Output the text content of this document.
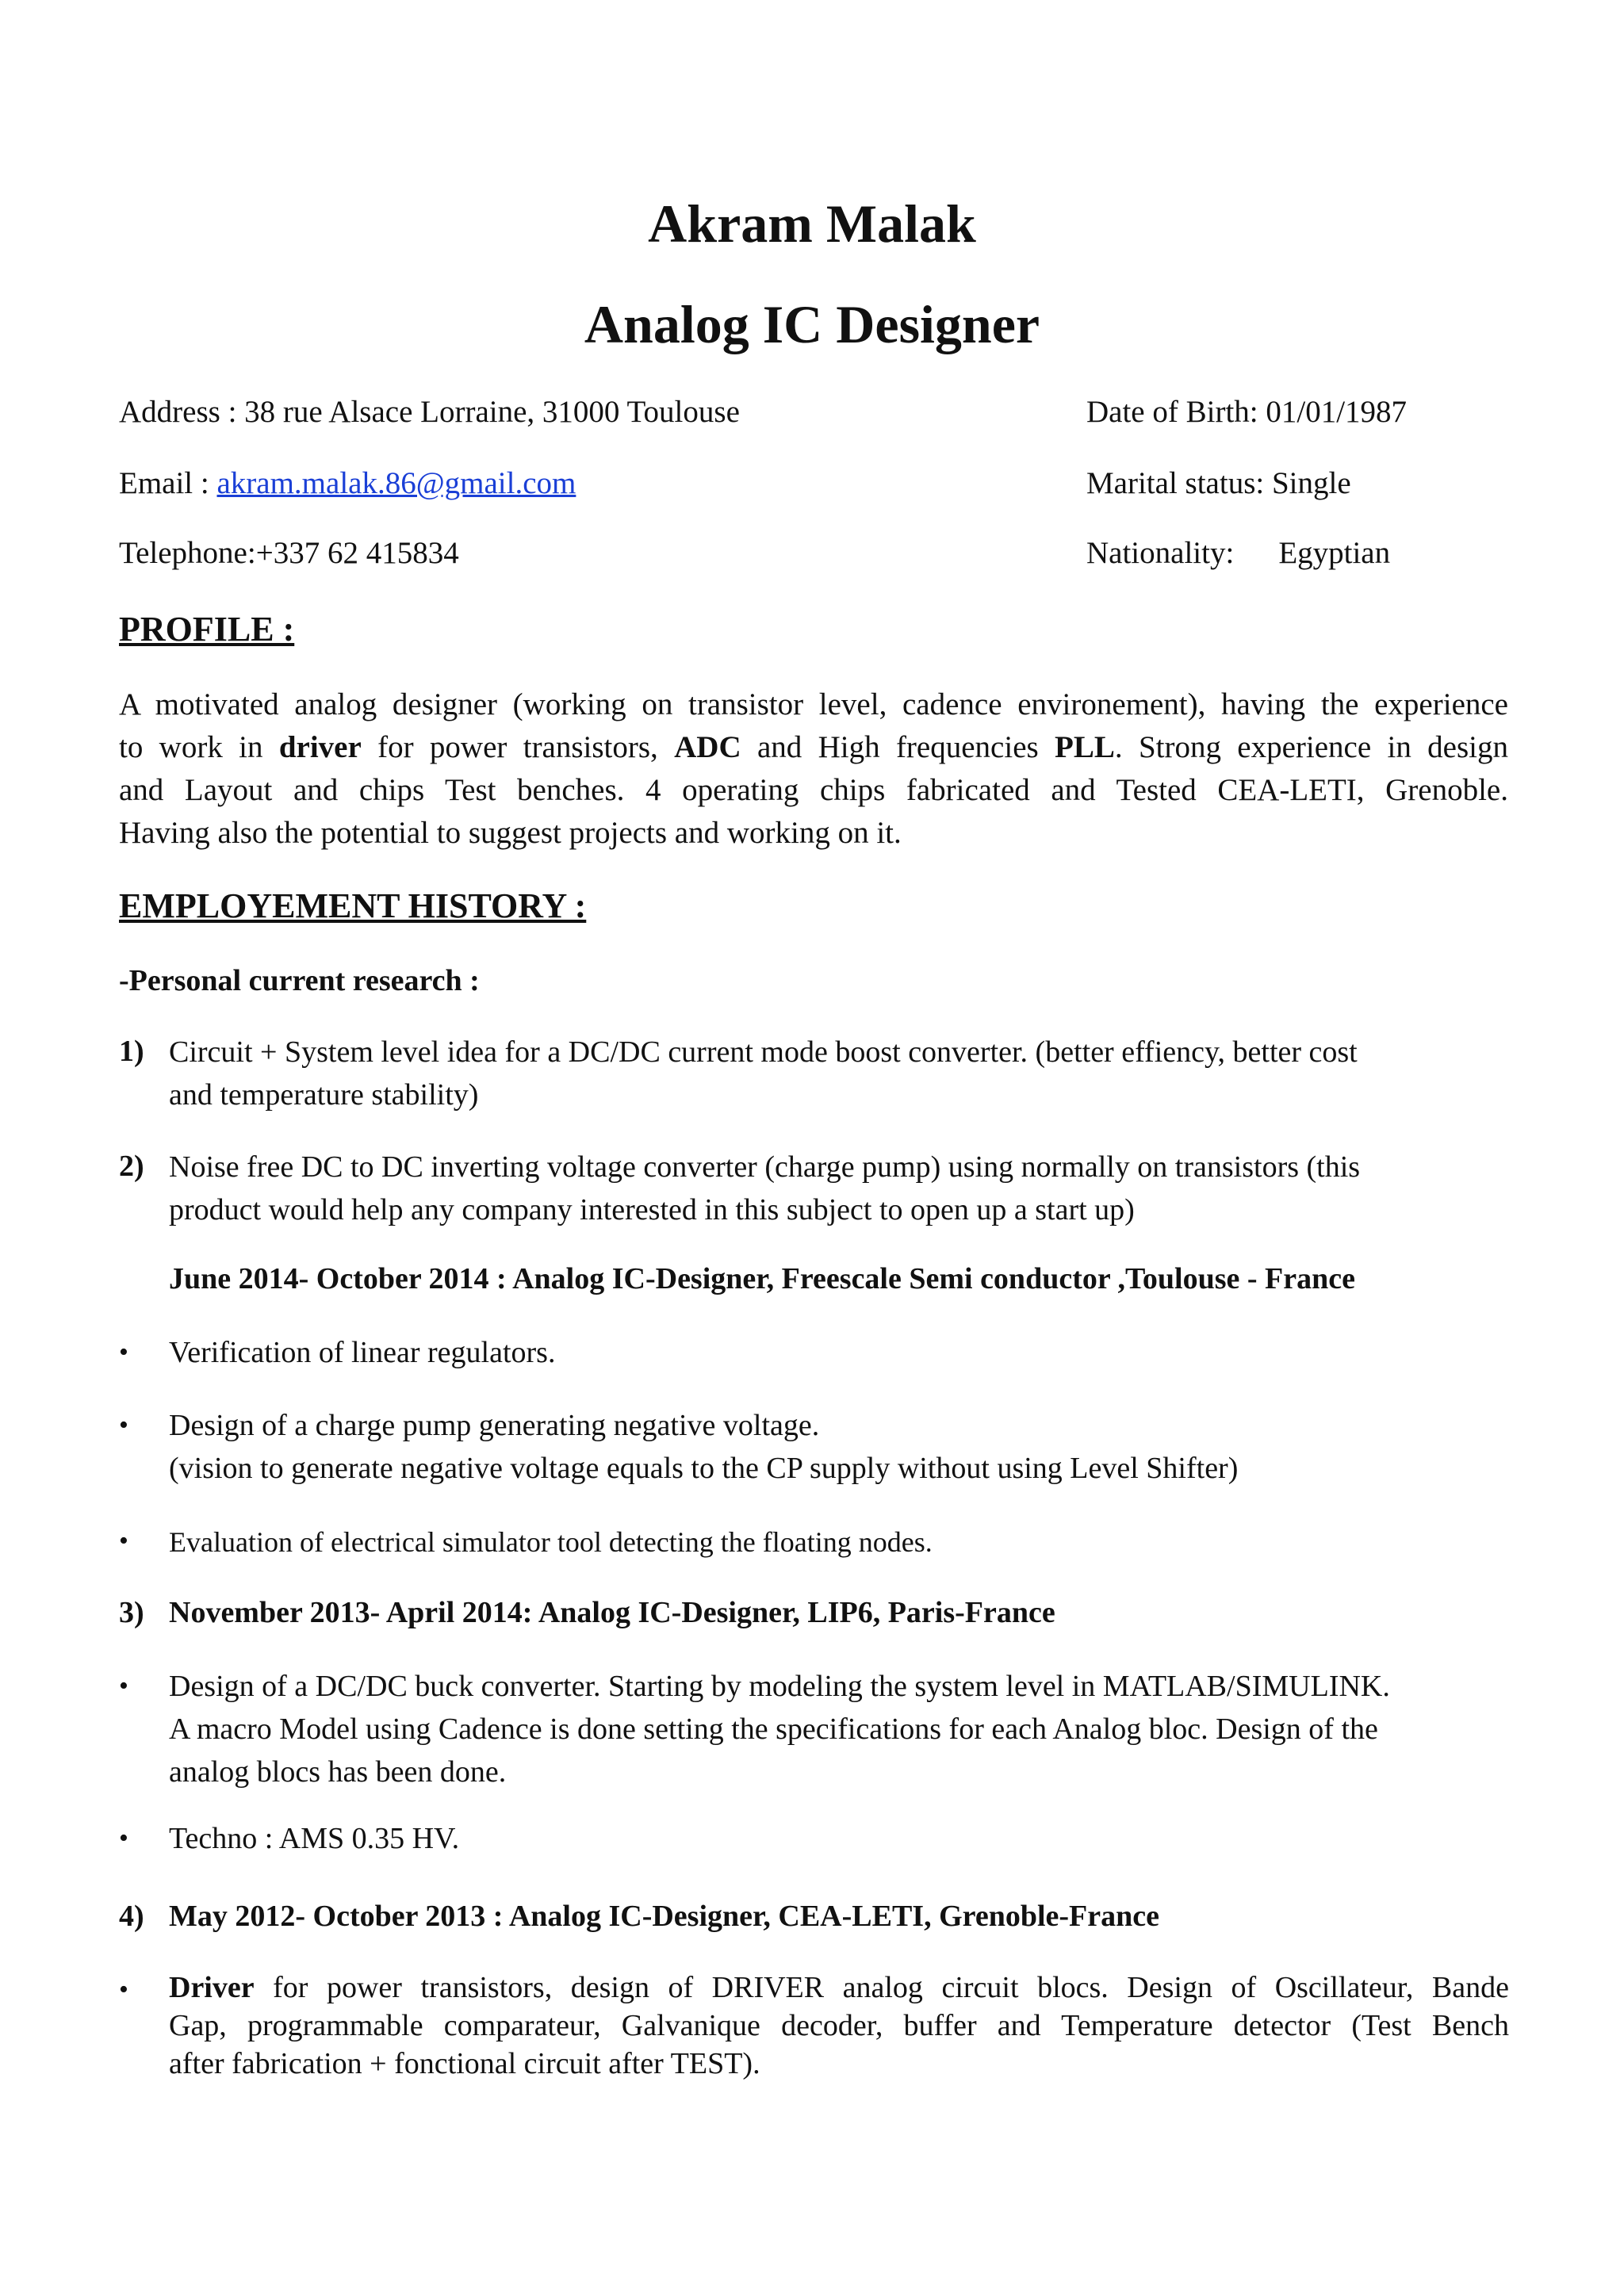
Akram Malak
Analog IC Designer
Address : 38 rue Alsace Lorraine, 31000 Toulouse
Email : akram.malak.86@gmail.com
Telephone:+337 62 415834
Date of Birth: 01/01/1987
Marital status: Single
Nationality: Egyptian
PROFILE :
A motivated analog designer (working on transistor level, cadence environement), having the experience
to work in driver for power transistors, ADC and High frequencies PLL. Strong experience in design
and Layout and chips Test benches. 4 operating chips fabricated and Tested CEA-LETI, Grenoble.
Having also the potential to suggest projects and working on it.
EMPLOYEMENT HISTORY :
-Personal current research :
1) Circuit + System level idea for a DC/DC current mode boost converter. (better effiency, better cost
and temperature stability)
2) Noise free DC to DC inverting voltage converter (charge pump) using normally on transistors (this
product would help any company interested in this subject to open up a start up)
June 2014- October 2014 : Analog IC-Designer, Freescale Semi conductor ,Toulouse - France
• Verification of linear regulators.
• Design of a charge pump generating negative voltage.
(vision to generate negative voltage equals to the CP supply without using Level Shifter)
• Evaluation of electrical simulator tool detecting the floating nodes.
3) November 2013- April 2014: Analog IC-Designer, LIP6, Paris-France
• Design of a DC/DC buck converter. Starting by modeling the system level in MATLAB/SIMULINK.
A macro Model using Cadence is done setting the specifications for each Analog bloc. Design of the
analog blocs has been done.
• Techno : AMS 0.35 HV.
4) May 2012- October 2013 : Analog IC-Designer, CEA-LETI, Grenoble-France
• Driver for power transistors, design of DRIVER analog circuit blocs. Design of Oscillateur, Bande
Gap, programmable comparateur, Galvanique decoder, buffer and Temperature detector (Test Bench
after fabrication + fonctional circuit after TEST).
